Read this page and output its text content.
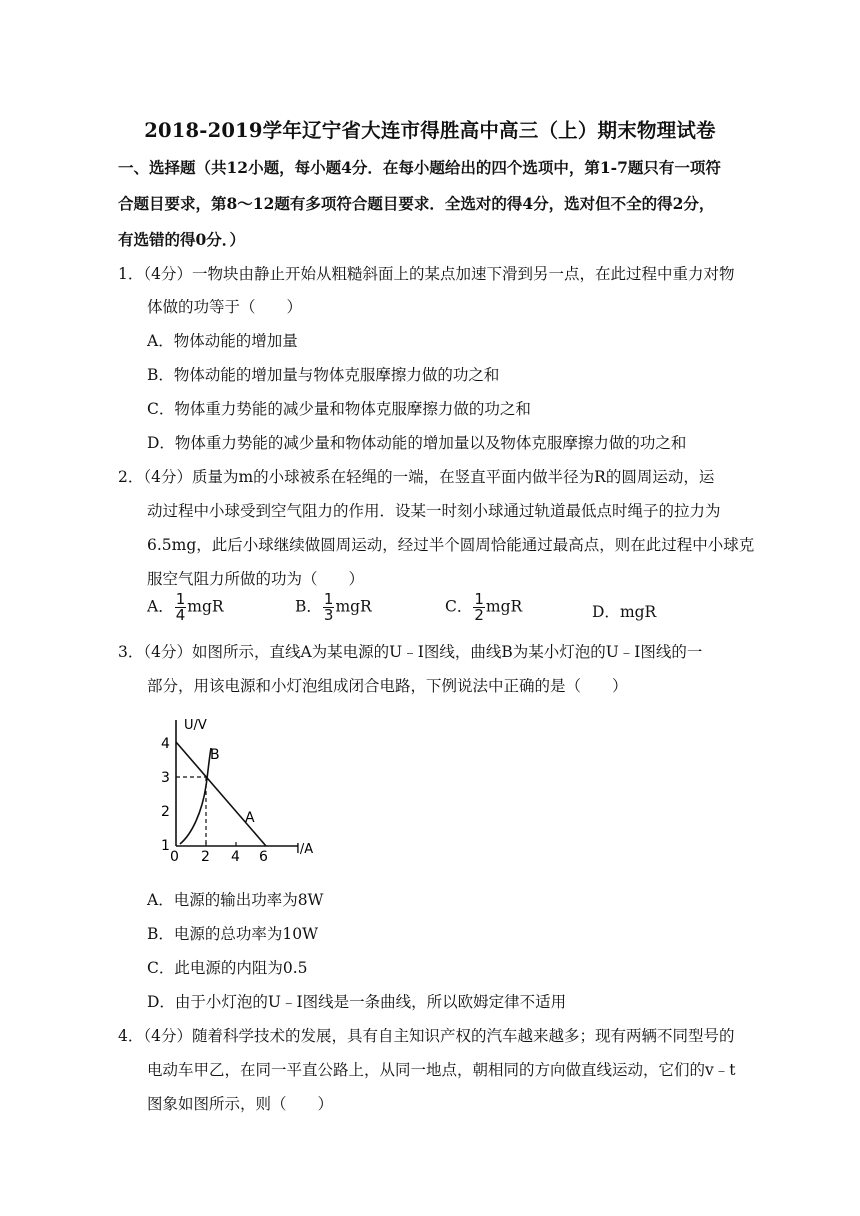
2018-2019学年辽宁省大连市得胜高中高三（上）期末物理试卷
一、选择题（共12小题，每小题4分．在每小题给出的四个选项中，第1-7题只有一项符
合题目要求，第8～12题有多项符合题目要求．全选对的得4分，选对但不全的得2分，
有选错的得0分．）
1．（4分）一物块由静止开始从粗糙斜面上的某点加速下滑到另一点，在此过程中重力对物
体做的功等于（　　）
A．物体动能的增加量
B．物体动能的增加量与物体克服摩擦力做的功之和
C．物体重力势能的减少量和物体克服摩擦力做的功之和
D．物体重力势能的减少量和物体动能的增加量以及物体克服摩擦力做的功之和
2．（4分）质量为m的小球被系在轻绳的一端，在竖直平面内做半径为R的圆周运动，运
动过程中小球受到空气阻力的作用．设某一时刻小球通过轨道最低点时绳子的拉力为
6.5mg，此后小球继续做圆周运动，经过半个圆周恰能通过最高点，则在此过程中小球克
服空气阻力所做的功为（　　）
A． $\frac{1}{4}$ mgR	B． $\frac{1}{3}$ mgR	C． $\frac{1}{2}$ mgR	D．mgR
3．（4分）如图所示，直线A为某电源的U﹣I图线，曲线B为某小灯泡的U﹣I图线的一
部分，用该电源和小灯泡组成闭合电路，下例说法中正确的是（　　）
U/V
I/A
4
3
2
1
0 2 4 6
A
B
A．电源的输出功率为8W
B．电源的总功率为10W
C．此电源的内阻为0.5
D．由于小灯泡的U﹣I图线是一条曲线，所以欧姆定律不适用
4．（4分）随着科学技术的发展，具有自主知识产权的汽车越来越多；现有两辆不同型号的
电动车甲乙，在同一平直公路上，从同一地点，朝相同的方向做直线运动，它们的v﹣t
图象如图所示，则（　　）
